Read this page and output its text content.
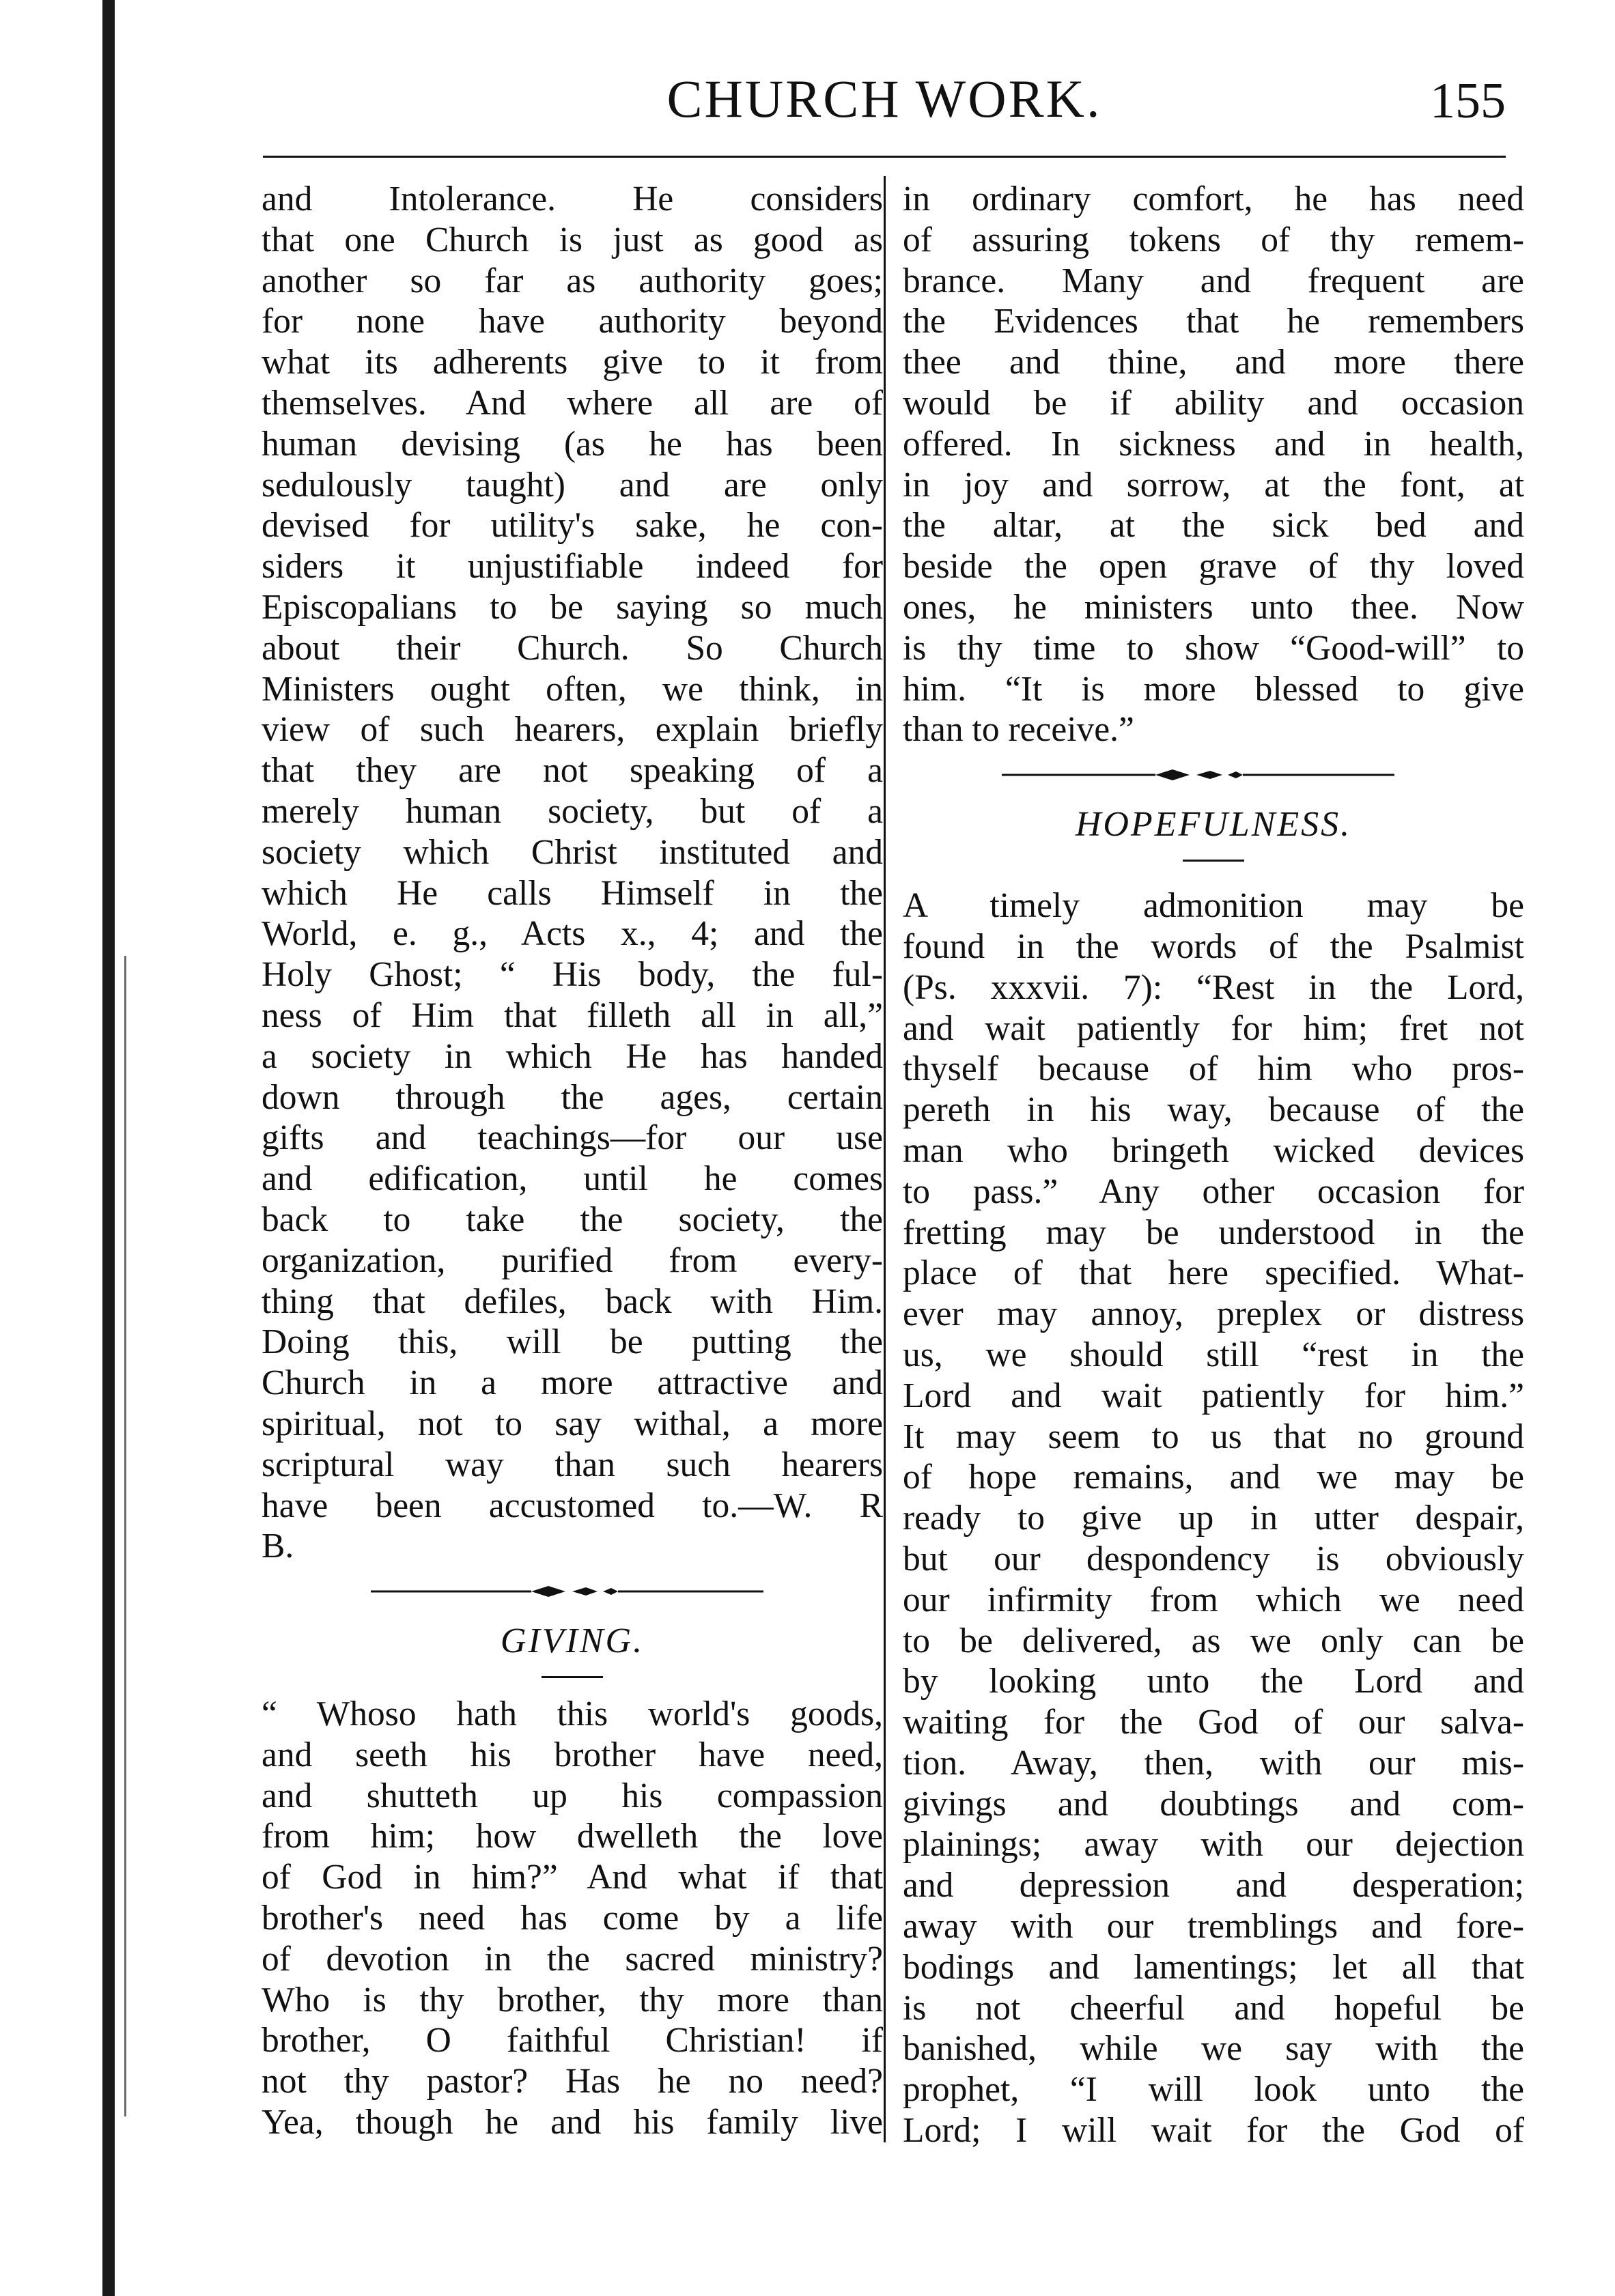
CHURCH WORK.	155
and Intolerance. He considers
that one Church is just as good as
another so far as authority goes;
for none have authority beyond
what its adherents give to it from
themselves. And where all are of
human devising (as he has been
sedulously taught) and are only
devised for utility's sake, he con-
siders it unjustifiable indeed for
Episcopalians to be saying so much
about their Church. So Church
Ministers ought often, we think, in
view of such hearers, explain briefly
that they are not speaking of a
merely human society, but of a
society which Christ instituted and
which He calls Himself in the
World, e. g., Acts x., 4; and the
Holy Ghost; “ His body, the ful-
ness of Him that filleth all in all,”
a society in which He has handed
down through the ages, certain
gifts and teachings—for our use
and edification, until he comes
back to take the society, the
organization, purified from every-
thing that defiles, back with Him.
Doing this, will be putting the
Church in a more attractive and
spiritual, not to say withal, a more
scriptural way than such hearers
have been accustomed to.—W. R
B.
GIVING.
“ Whoso hath this world's goods,
and seeth his brother have need,
and shutteth up his compassion
from him; how dwelleth the love
of God in him?” And what if that
brother's need has come by a life
of devotion in the sacred ministry?
Who is thy brother, thy more than
brother, O faithful Christian! if
not thy pastor? Has he no need?
Yea, though he and his family live
in ordinary comfort, he has need
of assuring tokens of thy remem-
brance. Many and frequent are
the Evidences that he remembers
thee and thine, and more there
would be if ability and occasion
offered. In sickness and in health,
in joy and sorrow, at the font, at
the altar, at the sick bed and
beside the open grave of thy loved
ones, he ministers unto thee. Now
is thy time to show “Good-will” to
him. “It is more blessed to give
than to receive.”
HOPEFULNESS.
A timely admonition may be
found in the words of the Psalmist
(Ps. xxxvii. 7): “Rest in the Lord,
and wait patiently for him; fret not
thyself because of him who pros-
pereth in his way, because of the
man who bringeth wicked devices
to pass.” Any other occasion for
fretting may be understood in the
place of that here specified. What-
ever may annoy, preplex or distress
us, we should still “rest in the
Lord and wait patiently for him.”
It may seem to us that no ground
of hope remains, and we may be
ready to give up in utter despair,
but our despondency is obviously
our infirmity from which we need
to be delivered, as we only can be
by looking unto the Lord and
waiting for the God of our salva-
tion. Away, then, with our mis-
givings and doubtings and com-
plainings; away with our dejection
and depression and desperation;
away with our tremblings and fore-
bodings and lamentings; let all that
is not cheerful and hopeful be
banished, while we say with the
prophet, “I will look unto the
Lord; I will wait for the God of
